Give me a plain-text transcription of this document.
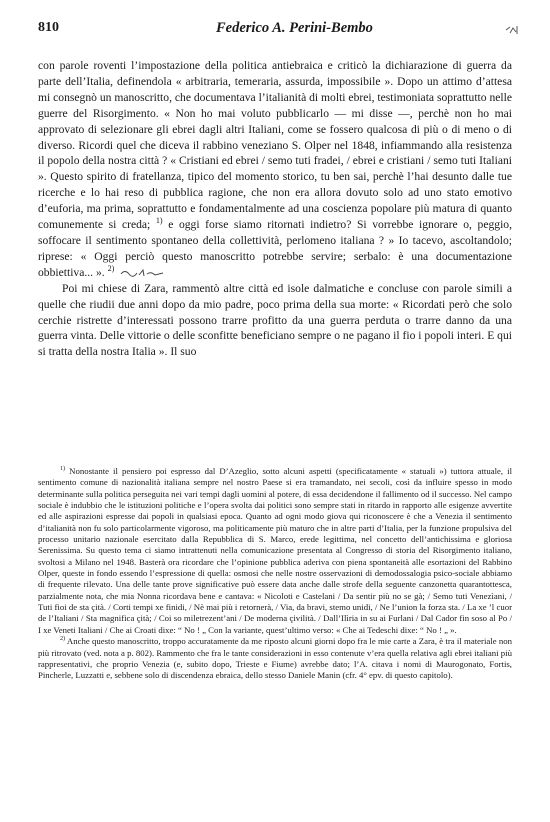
810	Federico A. Perini-Bembo

con parole roventi l’impostazione della politica antiebraica e criticò la dichiarazione di guerra da parte dell’Italia, definendola « arbitraria, temeraria, assurda, impossibile ». Dopo un attimo d’attesa mi consegnò un manoscritto, che documentava l’italianità di molti ebrei, testimoniata soprattutto nelle guerre del Risorgimento. « Non ho mai voluto pubblicarlo — mi disse —, perchè non ho mai approvato di selezionare gli ebrei dagli altri Italiani, come se fossero qualcosa di più o di meno o di diverso. Ricordi quel che diceva il rabbino veneziano S. Olper nel 1848, infiammando alla resistenza il popolo della nostra città ? « Cristiani ed ebrei / semo tuti fradei, / ebrei e cristiani / semo tuti Italiani ». Questo spirito di fratellanza, tipico del momento storico, tu ben sai, perchè l’hai desunto dalle tue ricerche e lo hai reso di pubblica ragione, che non era allora dovuto solo ad uno stato emotivo d’euforia, ma prima, soprattutto e fondamentalmente ad una coscienza popolare più matura di quanto comunemente si creda; $^{1)}$ e oggi forse siamo ritornati indietro? Si vorrebbe ignorare o, peggio, soffocare il sentimento spontaneo della collettività, perlomeno italiana ? » Io tacevo, ascoltandolo; riprese: « Oggi perciò questo manoscritto potrebbe servire; serbalo: è una documentazione obbiettiva... ». $^{2)}$

Poi mi chiese di Zara, rammentò altre città ed isole dalmatiche e concluse con parole simili a quelle che riudii due anni dopo da mio padre, poco prima della sua morte: « Ricordati però che solo cerchie ristrette d’interessati possono trarre profitto da una guerra perduta o trarre danno da una guerra vinta. Delle vittorie o delle sconfitte beneficiano sempre o ne pagano il fio i popoli interi. E qui si tratta della nostra Italia ». Il suo

$^{1)}$ Nonostante il pensiero poi espresso dal D’Azeglio, sotto alcuni aspetti (specificatamente « statuali ») tuttora attuale, il sentimento comune di nazionalità italiana sempre nel nostro Paese si era tramandato, nei secoli, così da influire spesso in modo determinante sulla politica perseguita nei vari tempi dagli uomini al potere, di essa decidendone il fallimento od il successo. Nel campo sociale è indubbio che le istituzioni politiche e l’opera svolta dai politici sono sempre stati in ritardo in rapporto alle esigenze avvertite ed alle aspirazioni espresse dai popoli in qualsiasi epoca. Quanto ad ogni modo giova qui riconoscere è che a Venezia il sentimento d’italianità non fu solo particolarmente vigoroso, ma politicamente più maturo che in altre parti d’Italia, per la funzione propulsiva del processo unitario nazionale esercitato dalla Repubblica di S. Marco, erede legittima, nel concetto dell’antichissima e gloriosa Serenissima. Su questo tema ci siamo intrattenuti nella comunicazione presentata al Congresso di storia del Risorgimento italiano, svoltosi a Milano nel 1948. Basterà ora ricordare che l’opinione pubblica aderiva con piena spontaneità alle esortazioni del Rabbino Olper, queste in fondo essendo l’espressione di quella: osmosi che nelle nostre osservazioni di demodossalogia psico-sociale abbiamo di frequente rilevato. Una delle tante prove significative può essere data anche dalle strofe della seguente canzonetta quarantottesca, parzialmente nota, che mia Nonna ricordava bene e cantava: « Nicoloti e Castelani / Da sentir più no se gà; / Semo tuti Venezìani, / Tuti fioi de sta çità. / Corti tempi xe finidi, / Nè mai più i retornerà, / Via, da bravi, stemo unidi, / Ne l’union la forza sta. / La xe ’l cuor de l’Italiani / Sta magnifica çità; / Coi so miletrezent’ani / De moderna çivilità. / Dall’Ilìria in su ai Furlani / Dal Cador fin soso al Po / I xe Veneti Italiani / Che ai Croati dixe: “ No ! „ Con la variante, quest’ultimo verso: « Che ai Tedeschi dixe: “ No ! „ ».

$^{2)}$ Anche questo manoscritto, troppo accuratamente da me riposto alcuni giorni dopo fra le mie carte a Zara, è tra il materiale non più ritrovato (ved. nota a p. 802). Rammento che fra le tante considerazioni in esso contenute v’era quella relativa agli ebrei italiani più rappresentativi, che proprio Venezia (e, subito dopo, Trieste e Fiume) avrebbe dato; l’A. citava i nomi di Maurogonato, Fortis, Pincherle, Luzzatti e, sebbene solo di discendenza ebraica, dello stesso Daniele Manin (cfr. 4° epv. di questo capitolo).
